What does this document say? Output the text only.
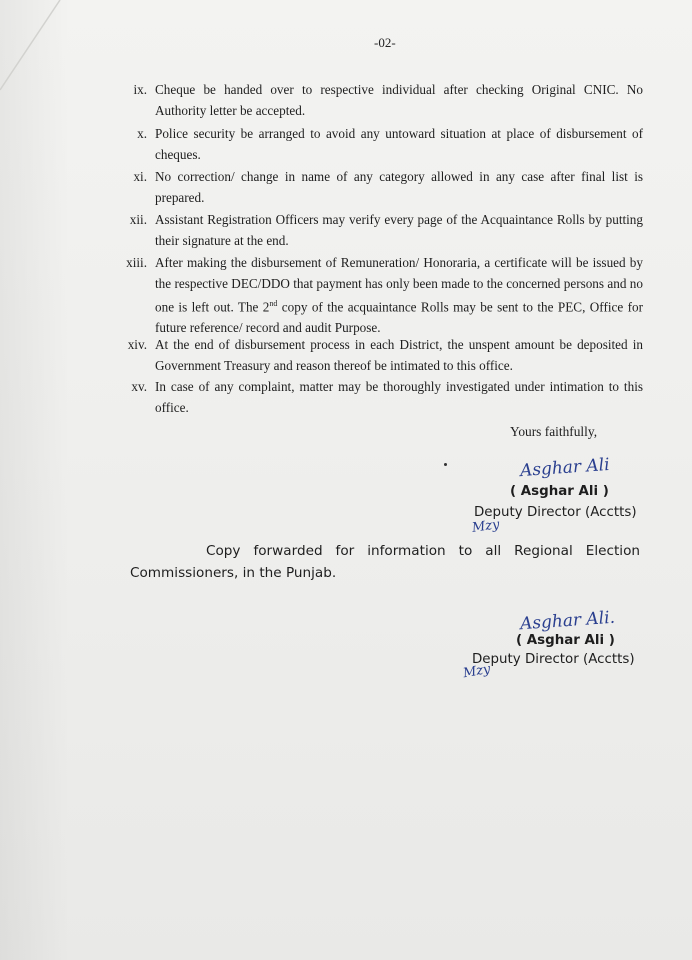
-02-
ix. Cheque be handed over to respective individual after checking Original CNIC. No Authority letter be accepted.
x. Police security be arranged to avoid any untoward situation at place of disbursement of cheques.
xi. No correction/ change in name of any category allowed in any case after final list is prepared.
xii. Assistant Registration Officers may verify every page of the Acquaintance Rolls by putting their signature at the end.
xiii. After making the disbursement of Remuneration/ Honoraria, a certificate will be issued by the respective DEC/DDO that payment has only been made to the concerned persons and no one is left out. The 2nd copy of the acquaintance Rolls may be sent to the PEC, Office for future reference/ record and audit Purpose.
xiv. At the end of disbursement process in each District, the unspent amount be deposited in Government Treasury and reason thereof be intimated to this office.
xv. In case of any complaint, matter may be thoroughly investigated under intimation to this office.
Yours faithfully,
Asghar Ali
( Asghar Ali )
Deputy Director (Acctts)
Mzy
Copy forwarded for information to all Regional Election
Commissioners, in the Punjab.
Asghar Ali.
( Asghar Ali )
Deputy Director (Acctts)
Mzy
